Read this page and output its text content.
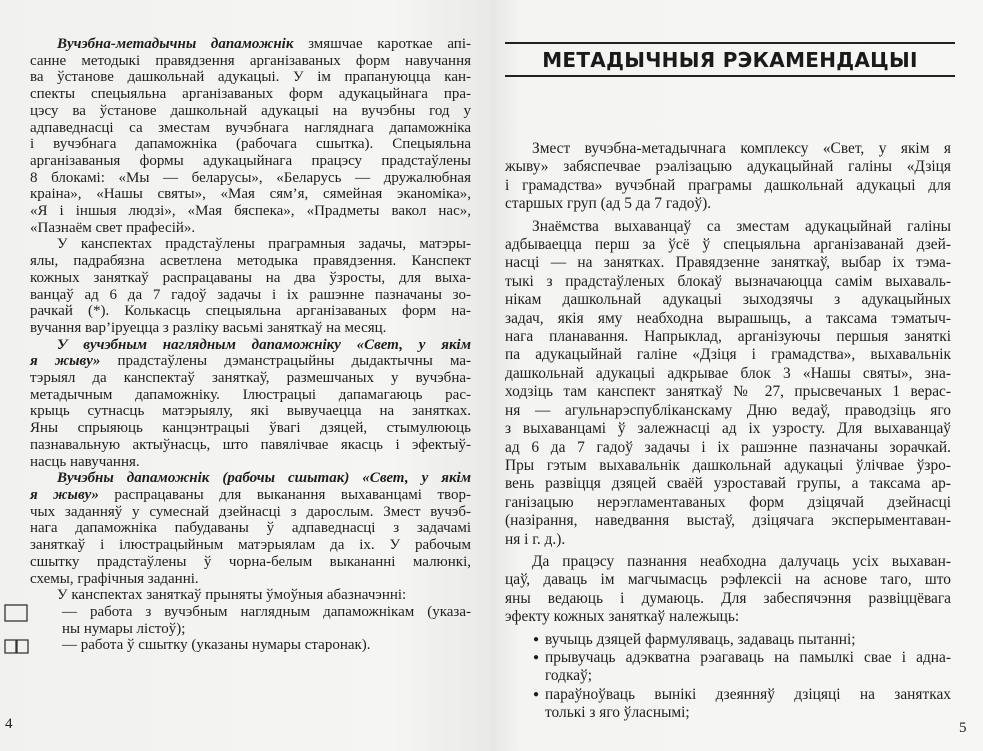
Вучэбна-метадычны дапаможнік змяшчае кароткае апі-
санне методыкі правядзення арганізаваных форм навучання
ва ўстанове дашкольнай адукацыі. У ім прапануюцца кан-
спекты спецыяльна арганізаваных форм адукацыйнага пра-
цэсу ва ўстанове дашкольнай адукацыі на вучэбны год у
адпаведнасці са зместам вучэбнага нагляднага дапаможніка
і вучэбнага дапаможніка (рабочага сшытка). Спецыяльна
арганізаваныя формы адукацыйнага працэсу прадстаўлены
8 блокамі: «Мы — беларусы», «Беларусь — дружалюбная
краіна», «Нашы святы», «Мая сям’я, сямейная эканоміка»,
«Я і іншыя людзі», «Мая бяспека», «Прадметы вакол нас»,
«Пазнаём свет прафесій».
У канспектах прадстаўлены праграмныя задачы, матэры-
ялы, падрабязна асветлена методыка правядзення. Канспект
кожных заняткаў распрацаваны на два ўзросты, для выха-
ванцаў ад 6 да 7 гадоў задачы і іх рашэнне пазначаны зо-
рачкай (*). Колькасць спецыяльна арганізаваных форм на-
вучання вар’іруецца з разліку васьмі заняткаў на месяц.
У вучэбным наглядным дапаможніку «Свет, у якім
я жыву» прадстаўлены дэманстрацыйны дыдактычны ма-
тэрыял да канспектаў заняткаў, размешчаных у вучэбна-
метадычным дапаможніку. Ілюстрацыі дапамагаюць рас-
крыць сутнасць матэрыялу, які вывучаецца на занятках.
Яны спрыяюць канцэнтрацыі ўвагі дзяцей, стымулююць
пазнавальную актыўнасць, што павялічвае якасць і эфектыў-
насць навучання.
Вучэбны дапаможнік (рабочы сшытак) «Свет, у якім
я жыву» распрацаваны для выканання выхаванцамі твор-
чых заданняў у сумеснай дзейнасці з дарослым. Змест вучэб-
нага дапаможніка пабудаваны ў адпаведнасці з задачамі
заняткаў і ілюстрацыйным матэрыялам да іх. У рабочым
сшытку прадстаўлены ў чорна-белым выкананні малюнкі,
схемы, графічныя заданні.
У канспектах заняткаў прыняты ўмоўныя абазначэнні:
— работа з вучэбным наглядным дапаможнікам (указа-
ны нумары лістоў);
— работа ў сшытку (указаны нумары старонак).
4
МЕТАДЫЧНЫЯ РЭКАМЕНДАЦЫІ
Змест вучэбна-метадычнага комплексу «Свет, у якім я
жыву» забяспечвае рэалізацыю адукацыйнай галіны «Дзіця
і грамадства» вучэбнай праграмы дашкольнай адукацыі для
старшых груп (ад 5 да 7 гадоў).
Знаёмства выхаванцаў са зместам адукацыйнай галіны
адбываецца перш за ўсё ў спецыяльна арганізаванай дзей-
насці — на занятках. Правядзенне заняткаў, выбар іх тэма-
тыкі з прадстаўленых блокаў вызначаюцца самім выхаваль-
нікам дашкольнай адукацыі зыходзячы з адукацыйных
задач, якія яму неабходна вырашыць, а таксама тэматыч-
нага планавання. Напрыклад, арганізуючы першыя заняткі
па адукацыйнай галіне «Дзіця і грамадства», выхавальнік
дашкольнай адукацыі адкрывае блок 3 «Нашы святы», зна-
ходзіць там канспект заняткаў № 27, прысвечаных 1 верас-
ня — агульнарэспубліканскаму Дню ведаў, праводзіць яго
з выхаванцамі ў залежнасці ад іх узросту. Для выхаванцаў
ад 6 да 7 гадоў задачы і іх рашэнне пазначаны зорачкай.
Пры гэтым выхавальнік дашкольнай адукацыі ўлічвае ўзро-
вень развіцця дзяцей сваёй узроставай групы, а таксама ар-
ганізацыю нерэгламентаваных форм дзіцячай дзейнасці
(назірання, наведвання выстаў, дзіцячага эксперыментаван-
ня і г. д.).
Да працэсу пазнання неабходна далучаць усіх выхаван-
цаў, даваць ім магчымасць рэфлексіі на аснове таго, што
яны ведаюць і думаюць. Для забеспячэння развіццёвага
эфекту кожных заняткаў належыць:
● вучыць дзяцей фармуляваць, задаваць пытанні;
● прывучаць адэкватна рэагаваць на памылкі свае і адна-
годкаў;
● параўноўваць вынікі дзеянняў дзіцяці на занятках
толькі з яго ўласнымі;
5
